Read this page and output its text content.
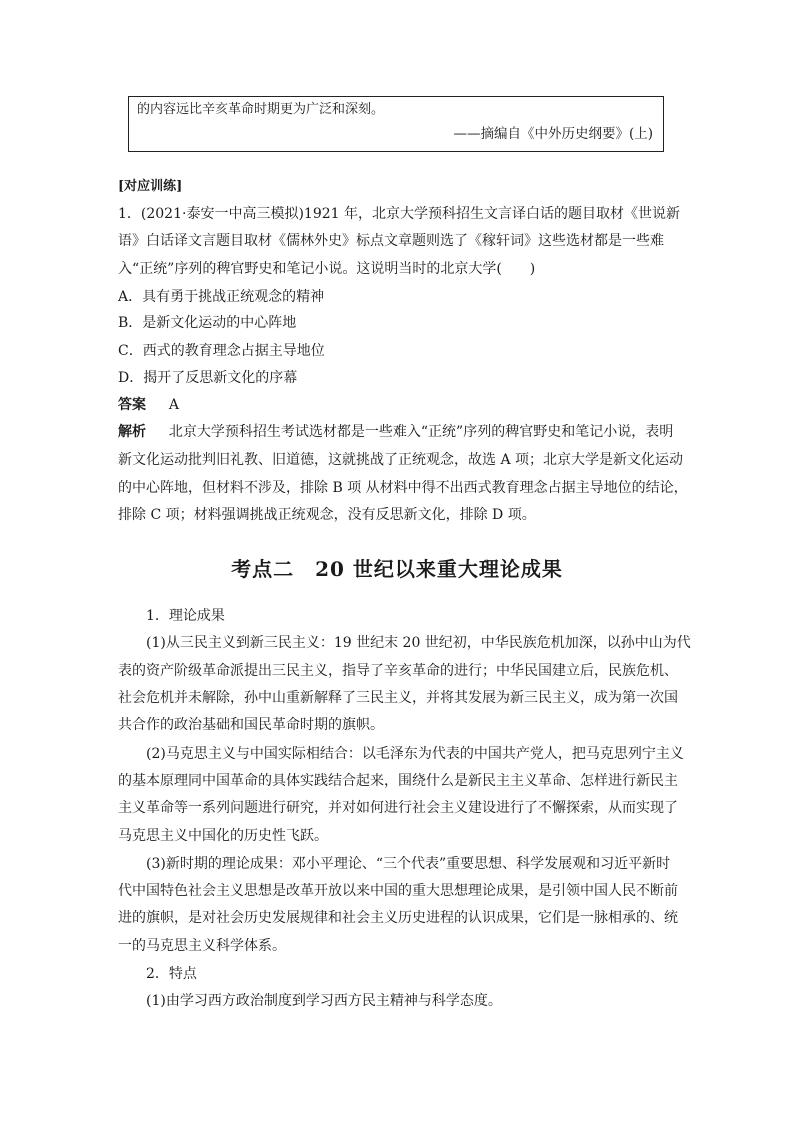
的内容远比辛亥革命时期更为广泛和深刻。
——摘编自《中外历史纲要》(上)
[对应训练]
1．(2021·泰安一中高三模拟)1921 年，北京大学预科招生文言译白话的题目取材《世说新
语》白话译文言题目取材《儒林外史》标点文章题则选了《稼轩词》这些选材都是一些难
入“正统”序列的稗官野史和笔记小说。这说明当时的北京大学(　　)
A．具有勇于挑战正统观念的精神
B．是新文化运动的中心阵地
C．西式的教育理念占据主导地位
D．揭开了反思新文化的序幕
答案 A
解析 北京大学预科招生考试选材都是一些难入“正统”序列的稗官野史和笔记小说，表明
新文化运动批判旧礼教、旧道德，这就挑战了正统观念，故选 A 项；北京大学是新文化运动
的中心阵地，但材料不涉及，排除 B 项 从材料中得不出西式教育理念占据主导地位的结论，
排除 C 项；材料强调挑战正统观念，没有反思新文化，排除 D 项。
考点二　20 世纪以来重大理论成果
1．理论成果
(1)从三民主义到新三民主义：19 世纪末 20 世纪初，中华民族危机加深，以孙中山为代
表的资产阶级革命派提出三民主义，指导了辛亥革命的进行；中华民国建立后，民族危机、
社会危机并未解除，孙中山重新解释了三民主义，并将其发展为新三民主义，成为第一次国
共合作的政治基础和国民革命时期的旗帜。
(2)马克思主义与中国实际相结合：以毛泽东为代表的中国共产党人，把马克思列宁主义
的基本原理同中国革命的具体实践结合起来，围绕什么是新民主主义革命、怎样进行新民主
主义革命等一系列问题进行研究，并对如何进行社会主义建设进行了不懈探索，从而实现了
马克思主义中国化的历史性飞跃。
(3)新时期的理论成果：邓小平理论、“三个代表”重要思想、科学发展观和习近平新时
代中国特色社会主义思想是改革开放以来中国的重大思想理论成果，是引领中国人民不断前
进的旗帜，是对社会历史发展规律和社会主义历史进程的认识成果，它们是一脉相承的、统
一的马克思主义科学体系。
2．特点
(1)由学习西方政治制度到学习西方民主精神与科学态度。
